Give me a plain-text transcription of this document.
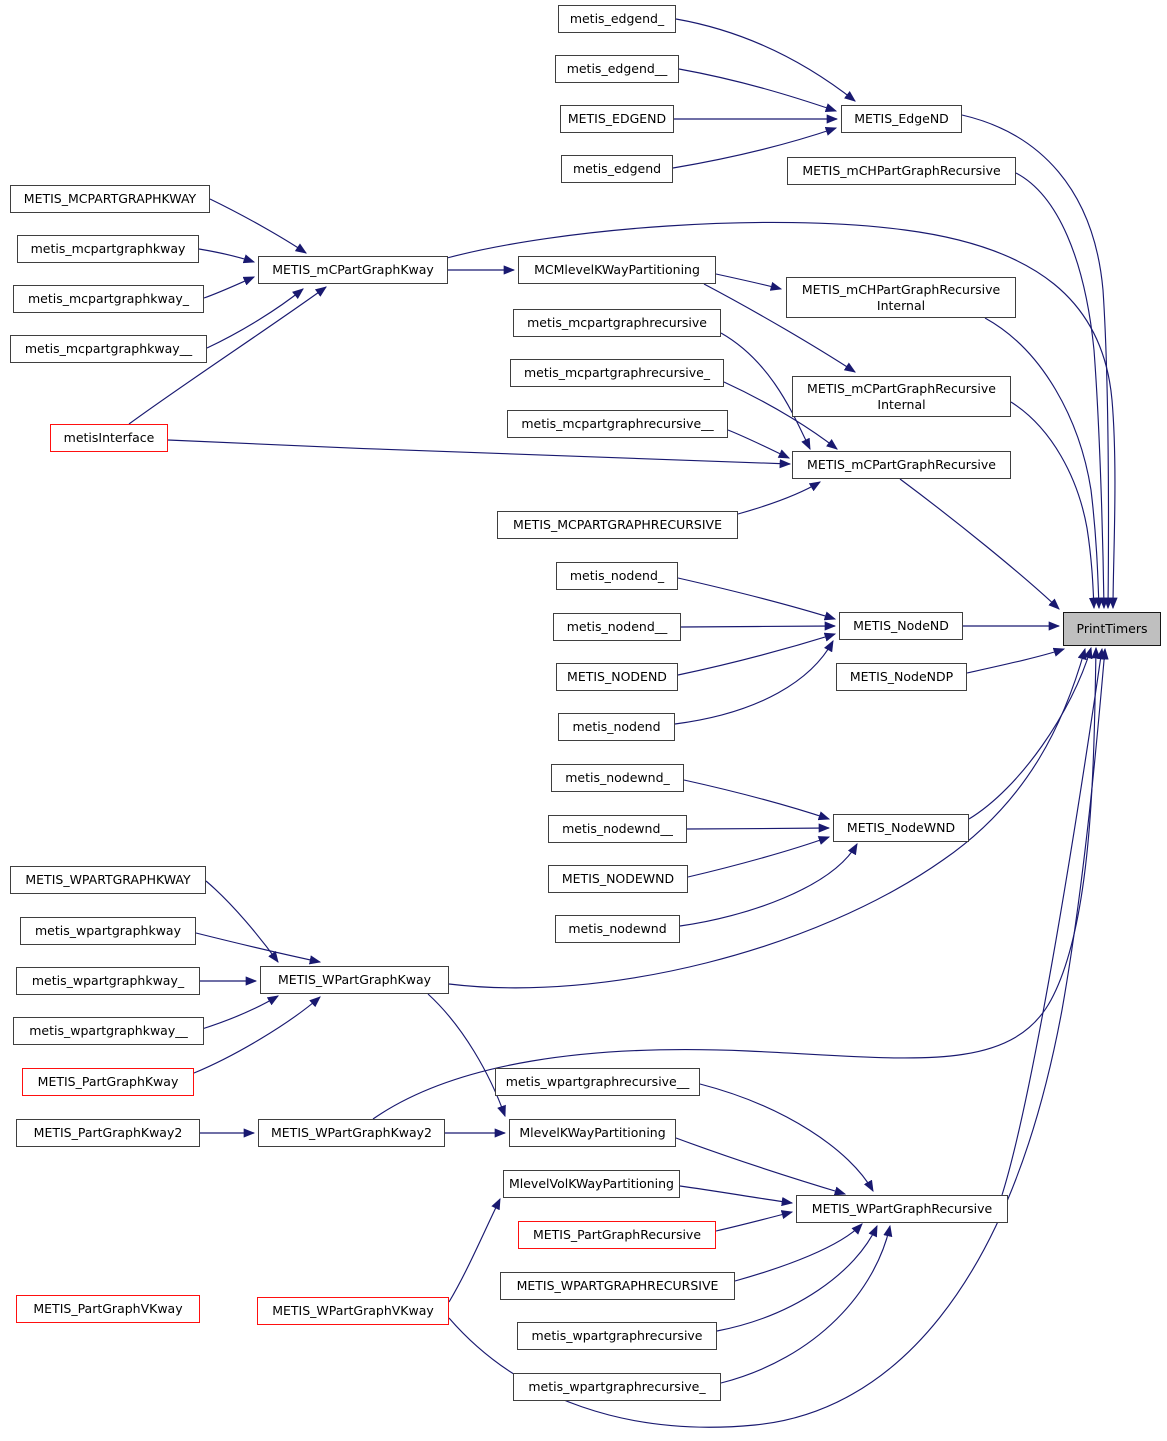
METIS_MCPARTGRAPHKWAY
metis_mcpartgraphkway
metis_mcpartgraphkway_
metis_mcpartgraphkway__
metisInterface
METIS_WPARTGRAPHKWAY
metis_wpartgraphkway
metis_wpartgraphkway_
metis_wpartgraphkway__
METIS_PartGraphKway
METIS_PartGraphKway2
METIS_PartGraphVKway
metis_edgend_
metis_edgend__
METIS_EDGEND
metis_edgend
METIS_mCPartGraphKway	MCMlevelKWayPartitioning
metis_mcpartgraphrecursive
metis_mcpartgraphrecursive_
metis_mcpartgraphrecursive__
METIS_MCPARTGRAPHRECURSIVE
metis_nodend_
metis_nodend__
METIS_NODEND
metis_nodend
metis_nodewnd_
metis_nodewnd__
METIS_NODEWND
metis_nodewnd
METIS_WPartGraphKway
METIS_WPartGraphKway2
metis_wpartgraphrecursive__
MlevelKWayPartitioning
MlevelVolKWayPartitioning
METIS_PartGraphRecursive
METIS_WPARTGRAPHRECURSIVE
metis_wpartgraphrecursive
metis_wpartgraphrecursive_
METIS_WPartGraphVKway
METIS_EdgeND
METIS_mCHPartGraphRecursive
METIS_mCHPartGraphRecursive
Internal
METIS_mCPartGraphRecursive
Internal
METIS_mCPartGraphRecursive
METIS_NodeND
METIS_NodeNDP
METIS_NodeWND
METIS_WPartGraphRecursive
PrintTimers
